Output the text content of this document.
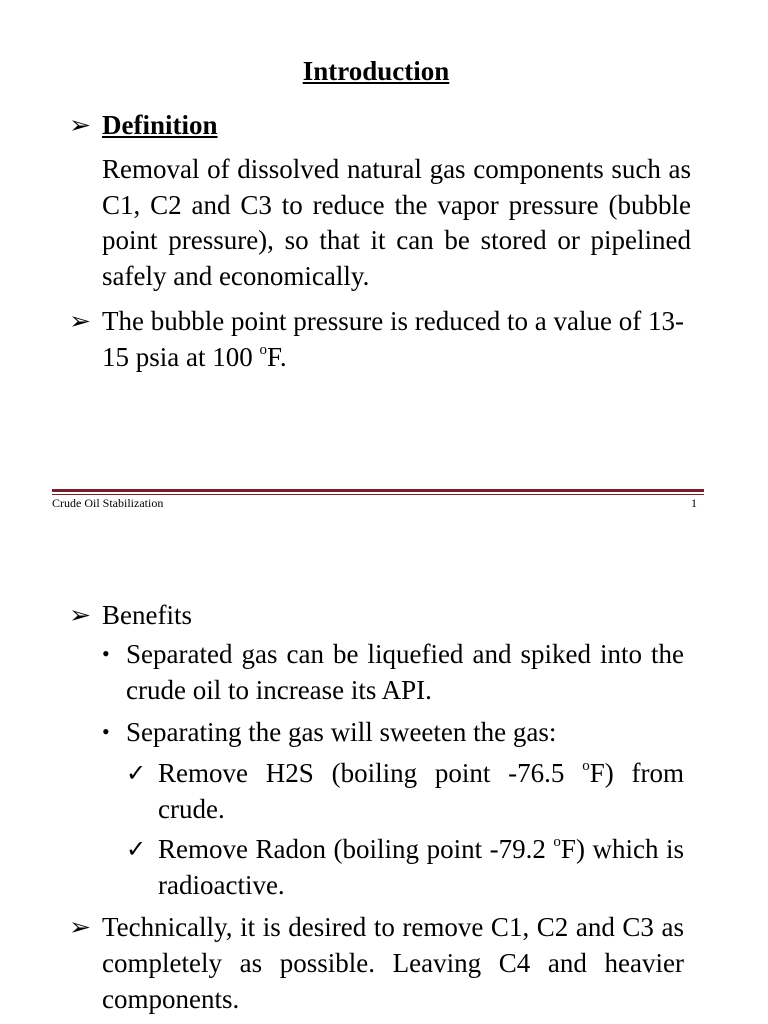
Introduction
➢ Definition
Removal of dissolved natural gas components such as C1, C2 and C3 to reduce the vapor pressure (bubble point pressure), so that it can be stored or pipelined safely and economically.
➢ The bubble point pressure is reduced to a value of 13-15 psia at 100 $^o$F.
Crude Oil Stabilization	1
➢ Benefits
• Separated gas can be liquefied and spiked into the crude oil to increase its API.
• Separating the gas will sweeten the gas:
✓ Remove H2S (boiling point -76.5 $^o$F) from crude.
✓ Remove Radon (boiling point -79.2 $^o$F) which is radioactive.
➢ Technically, it is desired to remove C1, C2 and C3 as completely as possible. Leaving C4 and heavier components.
